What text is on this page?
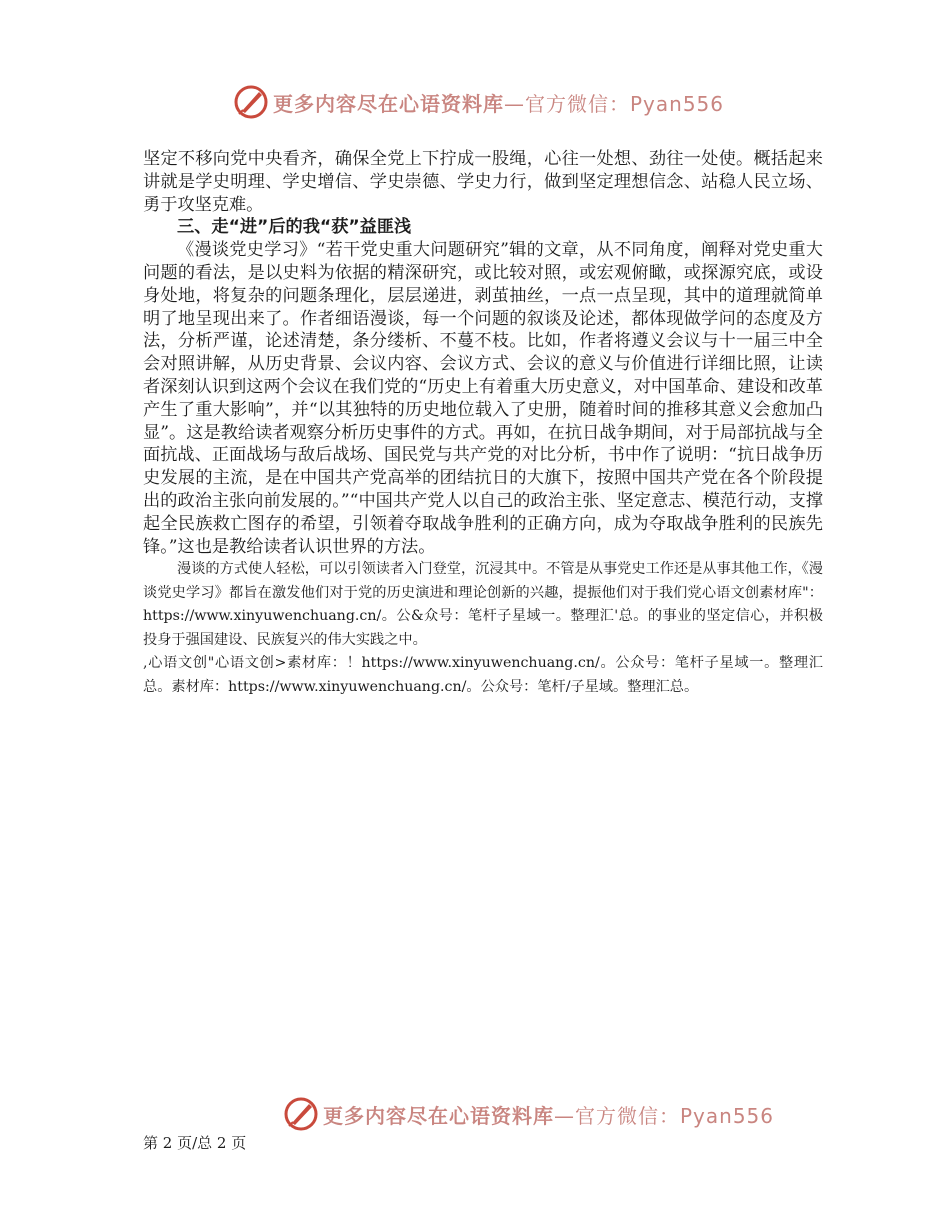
更多内容尽在心语资料库—官方微信：Pyan556

坚定不移向党中央看齐，确保全党上下拧成一股绳，心往一处想、劲往一处使。概括起来讲就是学史明理、学史增信、学史崇德、学史力行，做到坚定理想信念、站稳人民立场、勇于攻坚克难。

三、走“进”后的我“获”益匪浅

《漫谈党史学习》“若干党史重大问题研究”辑的文章，从不同角度，阐释对党史重大问题的看法，是以史料为依据的精深研究，或比较对照，或宏观俯瞰，或探源究底，或设身处地，将复杂的问题条理化，层层递进，剥茧抽丝，一点一点呈现，其中的道理就简单明了地呈现出来了。作者细语漫谈，每一个问题的叙谈及论述，都体现做学问的态度及方法，分析严谨，论述清楚，条分缕析、不蔓不枝。比如，作者将遵义会议与十一届三中全会对照讲解，从历史背景、会议内容、会议方式、会议的意义与价值进行详细比照，让读者深刻认识到这两个会议在我们党的“历史上有着重大历史意义，对中国革命、建设和改革产生了重大影响”，并“以其独特的历史地位载入了史册，随着时间的推移其意义会愈加凸显”。这是教给读者观察分析历史事件的方式。再如，在抗日战争期间，对于局部抗战与全面抗战、正面战场与敌后战场、国民党与共产党的对比分析，书中作了说明：“抗日战争历史发展的主流，是在中国共产党高举的团结抗日的大旗下，按照中国共产党在各个阶段提出的政治主张向前发展的。”“中国共产党人以自己的政治主张、坚定意志、模范行动，支撑起全民族救亡图存的希望，引领着夺取战争胜利的正确方向，成为夺取战争胜利的民族先锋。”这也是教给读者认识世界的方法。

漫谈的方式使人轻松，可以引领读者入门登堂，沉浸其中。不管是从事党史工作还是从事其他工作，《漫谈党史学习》都旨在激发他们对于党的历史演进和理论创新的兴趣，提振他们对于我们党心语文创素材库"：https://www.xinyuwenchuang.cn/。公&众号：笔杆子星域一。整理汇'总。的事业的坚定信心，并积极投身于强国建设、民族复兴的伟大实践之中。

,心语文创"心语文创>素材库：！https://www.xinyuwenchuang.cn/。公众号：笔杆子星域一。整理汇总。素材库：https://www.xinyuwenchuang.cn/。公众号：笔杆/子星域。整理汇总。

更多内容尽在心语资料库—官方微信：Pyan556
第 2 页/总 2 页
